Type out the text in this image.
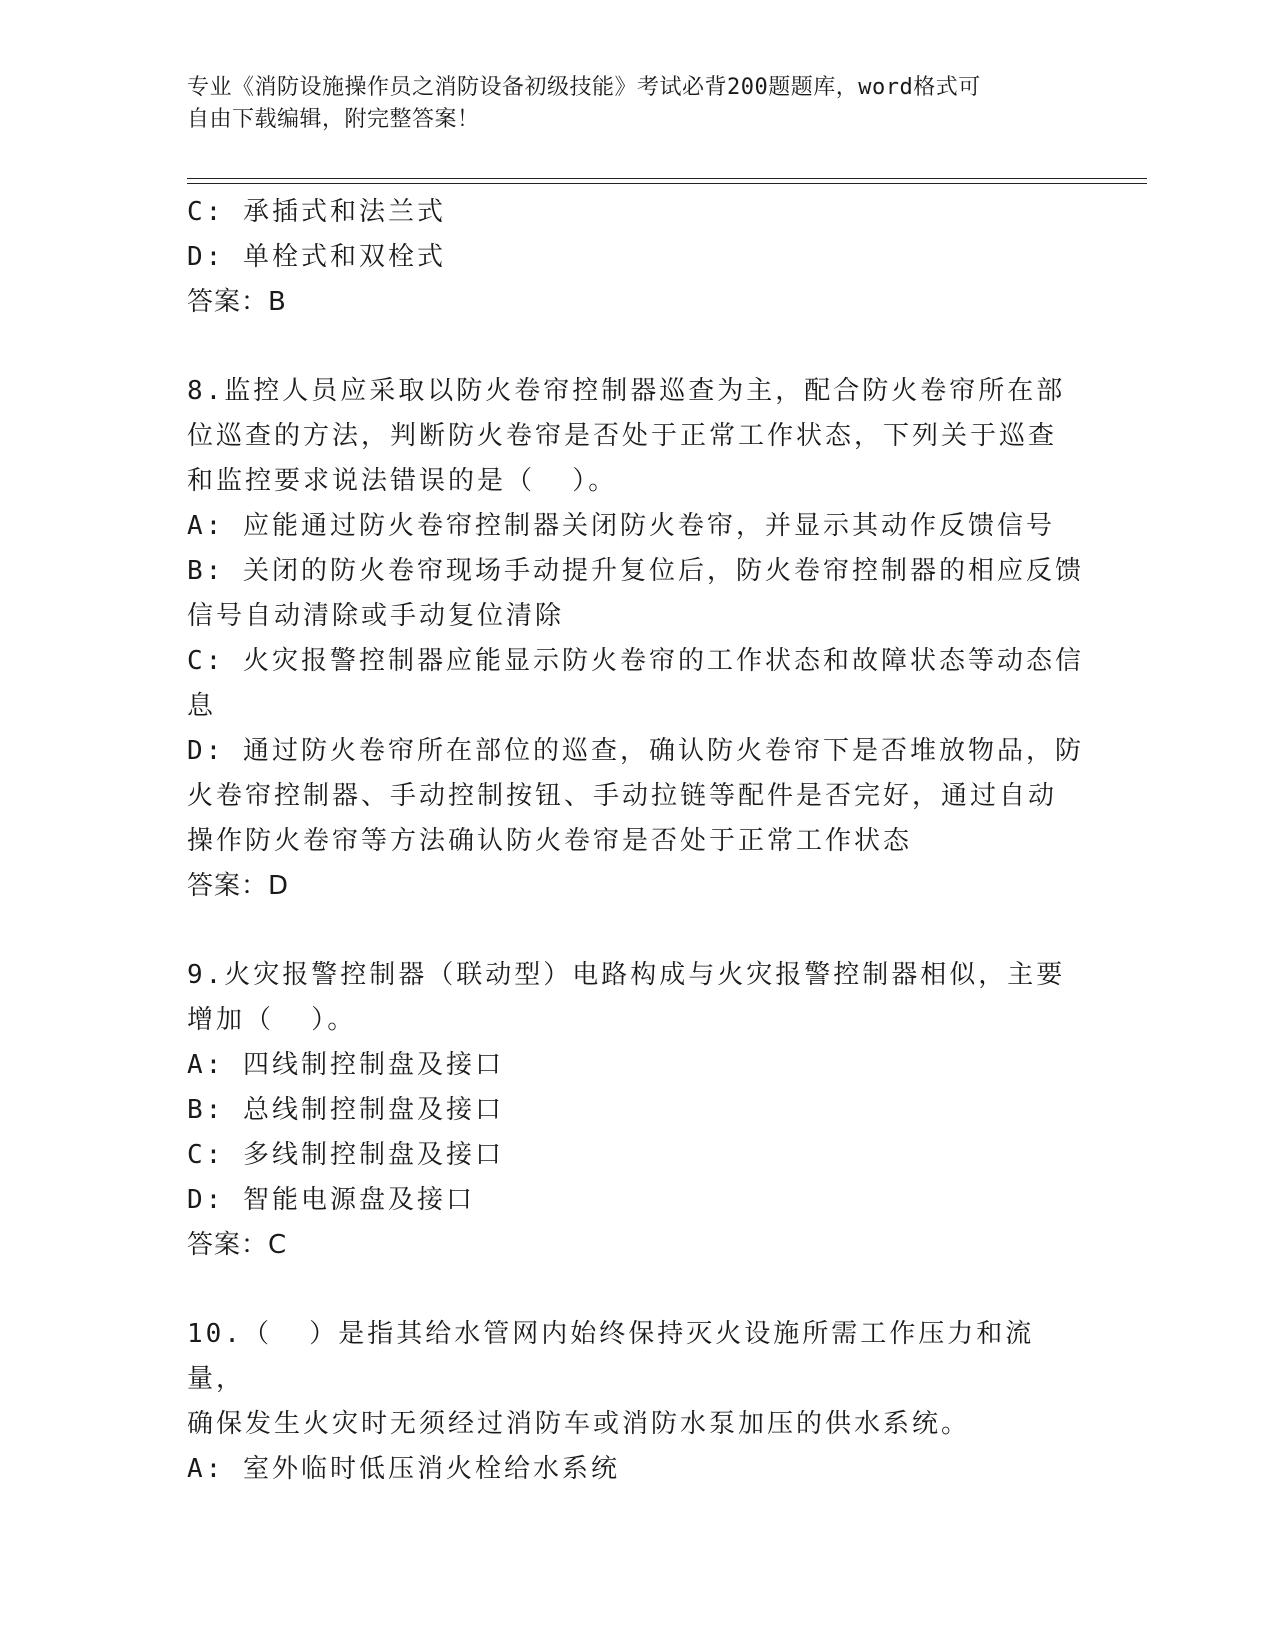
专业《消防设施操作员之消防设备初级技能》考试必背200题题库，word格式可
自由下载编辑，附完整答案！
C: 承插式和法兰式
D: 单栓式和双栓式
答案：B
8.监控人员应采取以防火卷帘控制器巡查为主，配合防火卷帘所在部
位巡查的方法，判断防火卷帘是否处于正常工作状态，下列关于巡查
和监控要求说法错误的是（  ）。
A: 应能通过防火卷帘控制器关闭防火卷帘，并显示其动作反馈信号
B: 关闭的防火卷帘现场手动提升复位后，防火卷帘控制器的相应反馈
信号自动清除或手动复位清除
C: 火灾报警控制器应能显示防火卷帘的工作状态和故障状态等动态信
息
D: 通过防火卷帘所在部位的巡查，确认防火卷帘下是否堆放物品，防
火卷帘控制器、手动控制按钮、手动拉链等配件是否完好，通过自动
操作防火卷帘等方法确认防火卷帘是否处于正常工作状态
答案：D
9.火灾报警控制器（联动型）电路构成与火灾报警控制器相似，主要
增加（  ）。
A: 四线制控制盘及接口
B: 总线制控制盘及接口
C: 多线制控制盘及接口
D: 智能电源盘及接口
答案：C
10.（  ）是指其给水管网内始终保持灭火设施所需工作压力和流量，
确保发生火灾时无须经过消防车或消防水泵加压的供水系统。
A: 室外临时低压消火栓给水系统
